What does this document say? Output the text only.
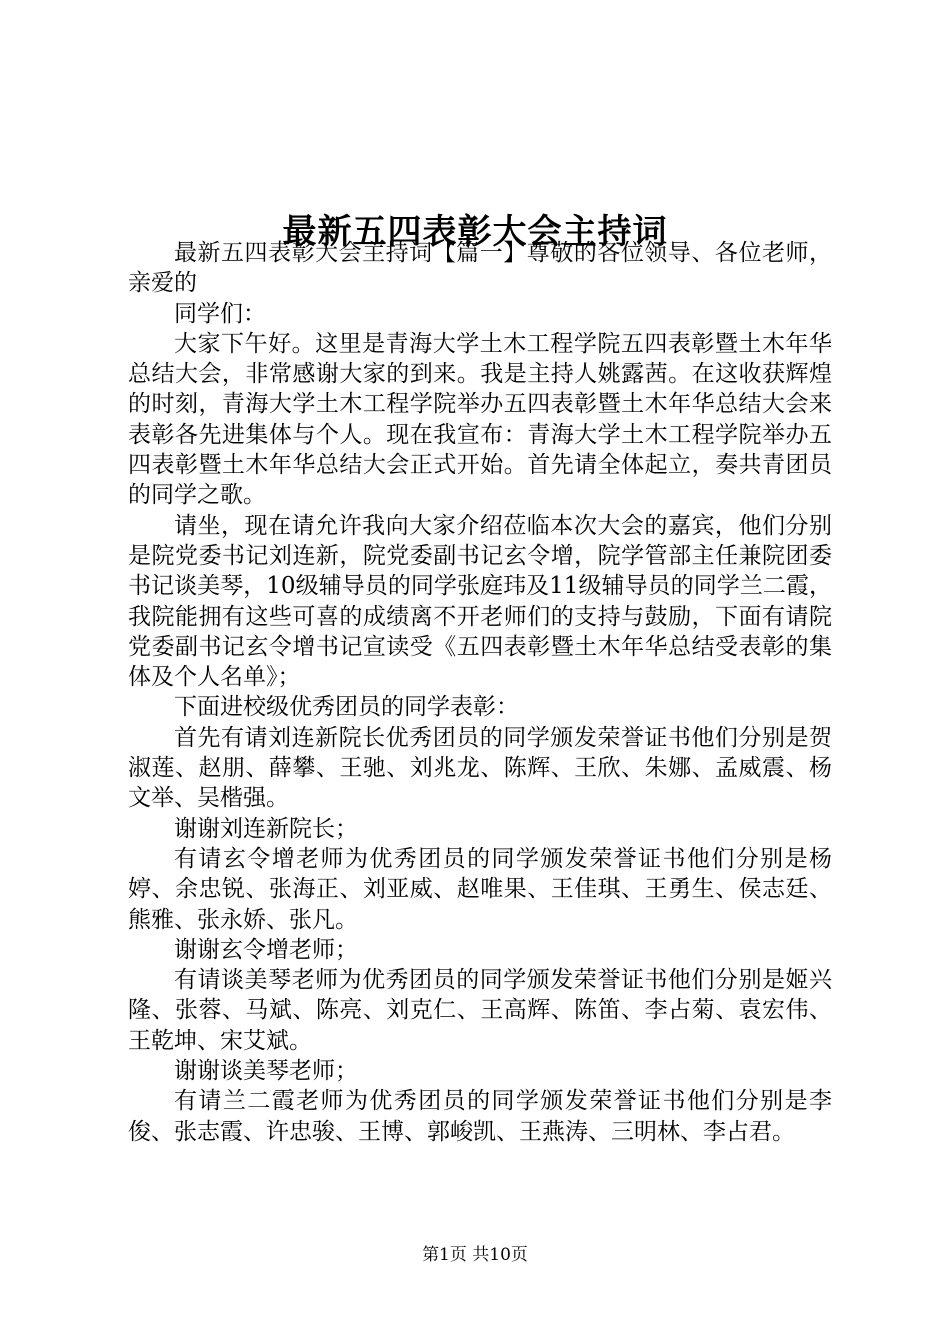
最新五四表彰大会主持词

最新五四表彰大会主持词【篇一】尊敬的各位领导、各位老师，亲爱的

同学们：

大家下午好。这里是青海大学土木工程学院五四表彰暨土木年华总结大会，非常感谢大家的到来。我是主持人姚露茜。在这收获辉煌的时刻，青海大学土木工程学院举办五四表彰暨土木年华总结大会来表彰各先进集体与个人。现在我宣布：青海大学土木工程学院举办五四表彰暨土木年华总结大会正式开始。首先请全体起立，奏共青团员的同学之歌。

请坐，现在请允许我向大家介绍莅临本次大会的嘉宾，他们分别是院党委书记刘连新，院党委副书记玄令增，院学管部主任兼院团委书记谈美琴，10级辅导员的同学张庭玮及11级辅导员的同学兰二霞，我院能拥有这些可喜的成绩离不开老师们的支持与鼓励，下面有请院党委副书记玄令增书记宣读受《五四表彰暨土木年华总结受表彰的集体及个人名单》；

下面进校级优秀团员的同学表彰：

首先有请刘连新院长优秀团员的同学颁发荣誉证书他们分别是贺淑莲、赵朋、薛攀、王驰、刘兆龙、陈辉、王欣、朱娜、孟威震、杨文举、吴楷强。

谢谢刘连新院长；

有请玄令增老师为优秀团员的同学颁发荣誉证书他们分别是杨婷、余忠锐、张海正、刘亚威、赵唯果、王佳琪、王勇生、侯志廷、熊雅、张永娇、张凡。

谢谢玄令增老师；

有请谈美琴老师为优秀团员的同学颁发荣誉证书他们分别是姬兴隆、张蓉、马斌、陈亮、刘克仁、王高辉、陈笛、李占菊、袁宏伟、王乾坤、宋艾斌。

谢谢谈美琴老师；

有请兰二霞老师为优秀团员的同学颁发荣誉证书他们分别是李俊、张志霞、许忠骏、王博、郭峻凯、王燕涛、三明林、李占君。

第1页 共10页
